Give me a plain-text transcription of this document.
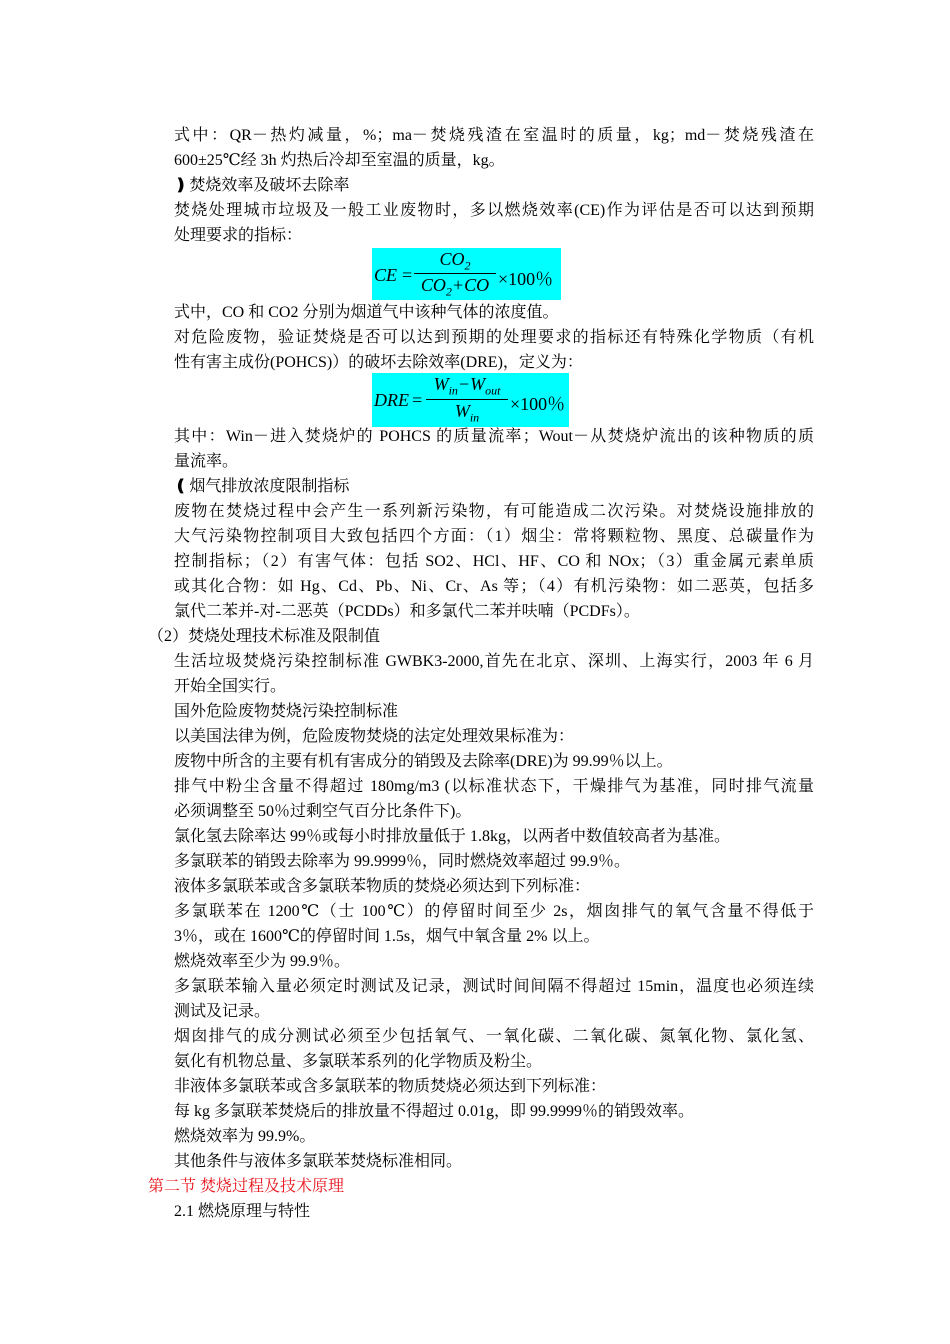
式中：QR－热灼减量，%；ma－焚烧残渣在室温时的质量，kg；md－焚烧残渣在
600±25℃经 3h 灼热后冷却至室温的质量，kg。
❫ 焚烧效率及破坏去除率
焚烧处理城市垃圾及一般工业废物时，多以燃烧效率(CE)作为评估是否可以达到预期
处理要求的指标：
CE =
$CO_2$
$CO_2+CO \times 100$％
式中，CO 和 CO2 分别为烟道气中该种气体的浓度值。
对危险废物，验证焚烧是否可以达到预期的处理要求的指标还有特殊化学物质（有机
性有害主成份(POHCS)）的破坏去除效率(DRE)，定义为：
DRE =
$W_{in}-W_{out}$
$W_{in}$
×100％
其中：Win－进入焚烧炉的 POHCS 的质量流率；Wout－从焚烧炉流出的该种物质的质
量流率。
❪ 烟气排放浓度限制指标
废物在焚烧过程中会产生一系列新污染物，有可能造成二次污染。对焚烧设施排放的
大气污染物控制项目大致包括四个方面：（1）烟尘：常将颗粒物、黑度、总碳量作为
控制指标；（2）有害气体：包括 SO2、HCl、HF、CO 和 NOx；（3）重金属元素单质
或其化合物：如 Hg、Cd、Pb、Ni、Cr、As 等；（4）有机污染物：如二恶英，包括多
氯代二苯并-对-二恶英（PCDDs）和多氯代二苯并呋喃（PCDFs）。
（2）焚烧处理技术标准及限制值
生活垃圾焚烧污染控制标准 GWBK3-2000,首先在北京、深圳、上海实行，2003 年 6 月
开始全国实行。
国外危险废物焚烧污染控制标准
以美国法律为例，危险废物焚烧的法定处理效果标准为：
废物中所含的主要有机有害成分的销毁及去除率(DRE)为 99.99％以上。
排气中粉尘含量不得超过 180mg/m3 (以标准状态下，干燥排气为基准，同时排气流量
必须调整至 50％过剩空气百分比条件下)。
氯化氢去除率达 99％或每小时排放量低于 1.8kg，以两者中数值较高者为基准。
多氯联苯的销毁去除率为 99.9999％，同时燃烧效率超过 99.9％。
液体多氯联苯或含多氯联苯物质的焚烧必须达到下列标准：
多氯联苯在 1200℃（士 100℃）的停留时间至少 2s，烟囱排气的氧气含量不得低于
3％，或在 1600℃的停留时间 1.5s，烟气中氧含量 2% 以上。
燃烧效率至少为 99.9％。
多氯联苯输入量必须定时测试及记录，测试时间间隔不得超过 15min，温度也必须连续
测试及记录。
烟囱排气的成分测试必须至少包括氧气、一氧化碳、二氧化碳、氮氧化物、氯化氢、
氨化有机物总量、多氯联苯系列的化学物质及粉尘。
非液体多氯联苯或含多氯联苯的物质焚烧必须达到下列标准：
每 kg 多氯联苯焚烧后的排放量不得超过 0.01g，即 99.9999％的销毁效率。
燃烧效率为 99.9%。
其他条件与液体多氯联苯焚烧标准相同。
第二节 焚烧过程及技术原理
2.1 燃烧原理与特性
